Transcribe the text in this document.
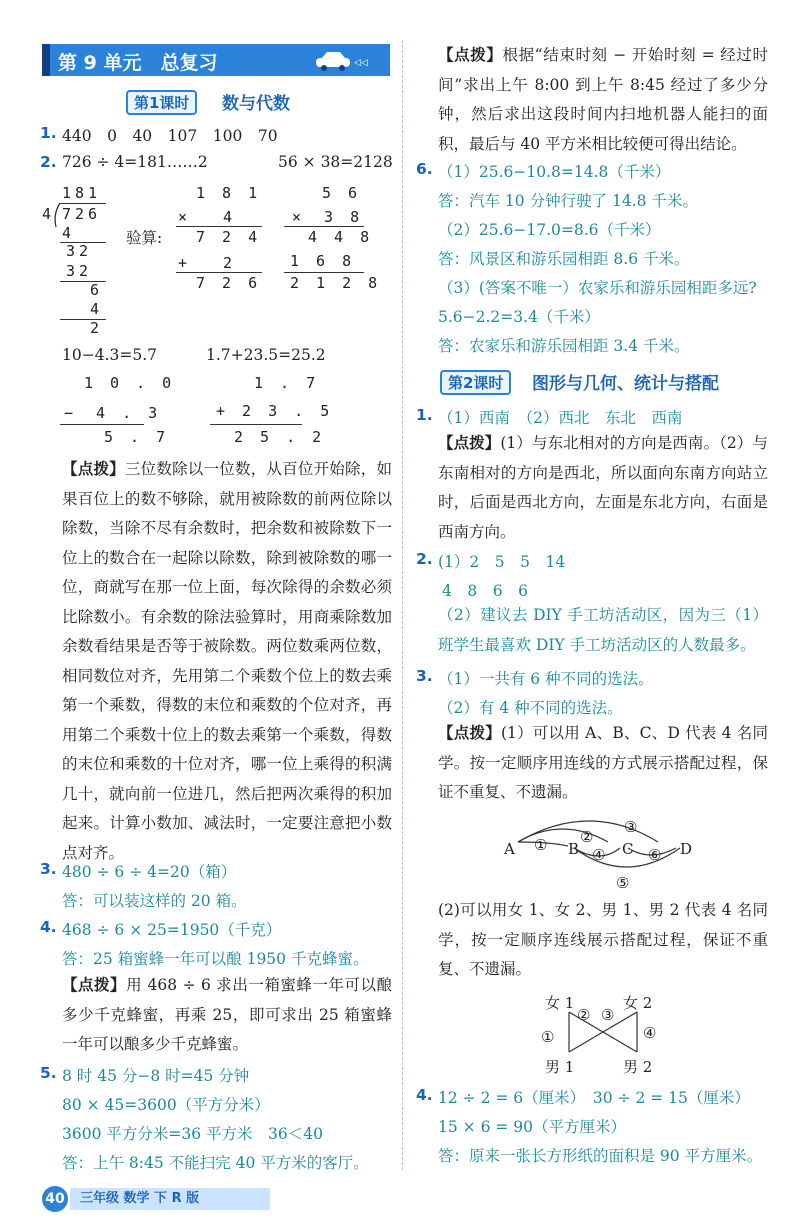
第 9 单元　总复习	◁◁
第1课时	数与代数
1. 440　0　40　107　100　70
2. 726 ÷ 4=181……2	56 × 38=2128
181
4 726
4
32
32
6
4
2
验算:
1 8 1
×　 4
7 2 4
+　 2
7 2 6
5 6
×　3 8
4 4 8
1 6 8
2 1 2 8
10−4.3=5.7	1.7+23.5=25.2
1 0 . 0
−　4 . 3
5 . 7
1 . 7
+ 2 3 . 5
2 5 . 2
【点拨】三位数除以一位数，从百位开始除，如果百位上的数不够除，就用被除数的前两位除以除数，当除不尽有余数时，把余数和被除数下一位上的数合在一起除以除数，除到被除数的哪一位，商就写在那一位上面，每次除得的余数必须比除数小。有余数的除法验算时，用商乘除数加余数看结果是否等于被除数。两位数乘两位数，相同数位对齐，先用第二个乘数个位上的数去乘第一个乘数，得数的末位和乘数的个位对齐，再用第二个乘数十位上的数去乘第一个乘数，得数的末位和乘数的十位对齐，哪一位上乘得的积满几十，就向前一位进几，然后把两次乘得的积加起来。计算小数加、减法时，一定要注意把小数点对齐。
3. 480 ÷ 6 ÷ 4=20（箱）
答：可以装这样的 20 箱。
4. 468 ÷ 6 × 25=1950（千克）
答：25 箱蜜蜂一年可以酿 1950 千克蜂蜜。
【点拨】用 468 ÷ 6 求出一箱蜜蜂一年可以酿多少千克蜂蜜，再乘 25，即可求出 25 箱蜜蜂一年可以酿多少千克蜂蜜。
5. 8 时 45 分−8 时=45 分钟
80 × 45=3600（平方分米）
3600 平方分米=36 平方米　36＜40
答：上午 8:45 不能扫完 40 平方米的客厅。
40	三年级 数学 下 R 版
【点拨】根据“结束时刻 − 开始时刻 = 经过时间”求出上午 8:00 到上午 8:45 经过了多少分钟，然后求出这段时间内扫地机器人能扫的面积，最后与 40 平方米相比较便可得出结论。
6. （1）25.6−10.8=14.8（千米）
答：汽车 10 分钟行驶了 14.8 千米。
（2）25.6−17.0=8.6（千米）
答：风景区和游乐园相距 8.6 千米。
（3）(答案不唯一）农家乐和游乐园相距多远?
5.6−2.2=3.4（千米）
答：农家乐和游乐园相距 3.4 千米。
第2课时	图形与几何、统计与搭配
1. （1）西南　（2）西北　东北　西南
【点拨】(1）与东北相对的方向是西南。（2）与东南相对的方向是西北，所以面向东南方向站立时，后面是西北方向，左面是东北方向，右面是西南方向。
2. (1）2　5　5　14
4　8　6　6
（2）建议去 DIY 手工坊活动区，因为三（1）班学生最喜欢 DIY 手工坊活动区的人数最多。
3. （1）一共有 6 种不同的选法。
（2）有 4 种不同的选法。
【点拨】(1）可以用 A、B、C、D 代表 4 名同学。按一定顺序用连线的方式展示搭配过程，保证不重复、不遗漏。
A	B	C	D
① ②
③
④
⑤
⑥
(2)可以用女 1、女 2、男 1、男 2 代表 4 名同学，按一定顺序连线展示搭配过程，保证不重复、不遗漏。
女 1	女 2
男 1	男 2
①
② ③
④
4. 12 ÷ 2 = 6（厘米）　30 ÷ 2 = 15（厘米）
15 × 6 = 90（平方厘米）
答：原来一张长方形纸的面积是 90 平方厘米。
